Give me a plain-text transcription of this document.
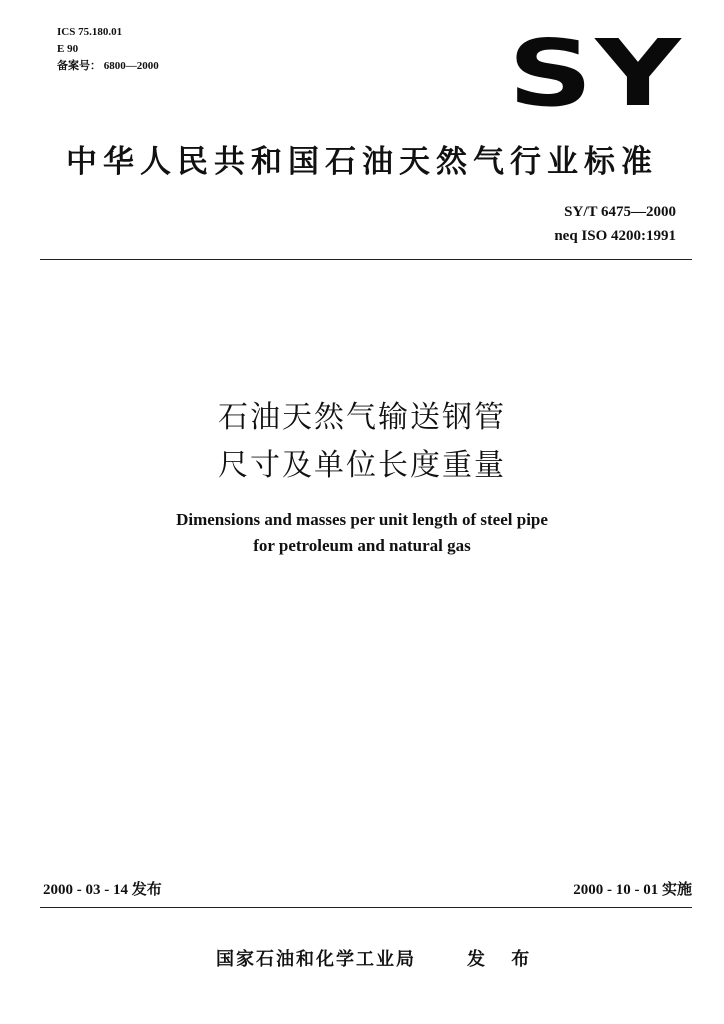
ICS 75.180.01
E 90
备案号： 6800—2000	SY
中华人民共和国石油天然气行业标准
SY/T 6475—2000
neq ISO 4200:1991
石油天然气输送钢管
尺寸及单位长度重量
Dimensions and masses per unit length of steel pipe
for petroleum and natural gas
2000 - 03 - 14 发布	2000 - 10 - 01 实施
国家石油和化学工业局	发 布
